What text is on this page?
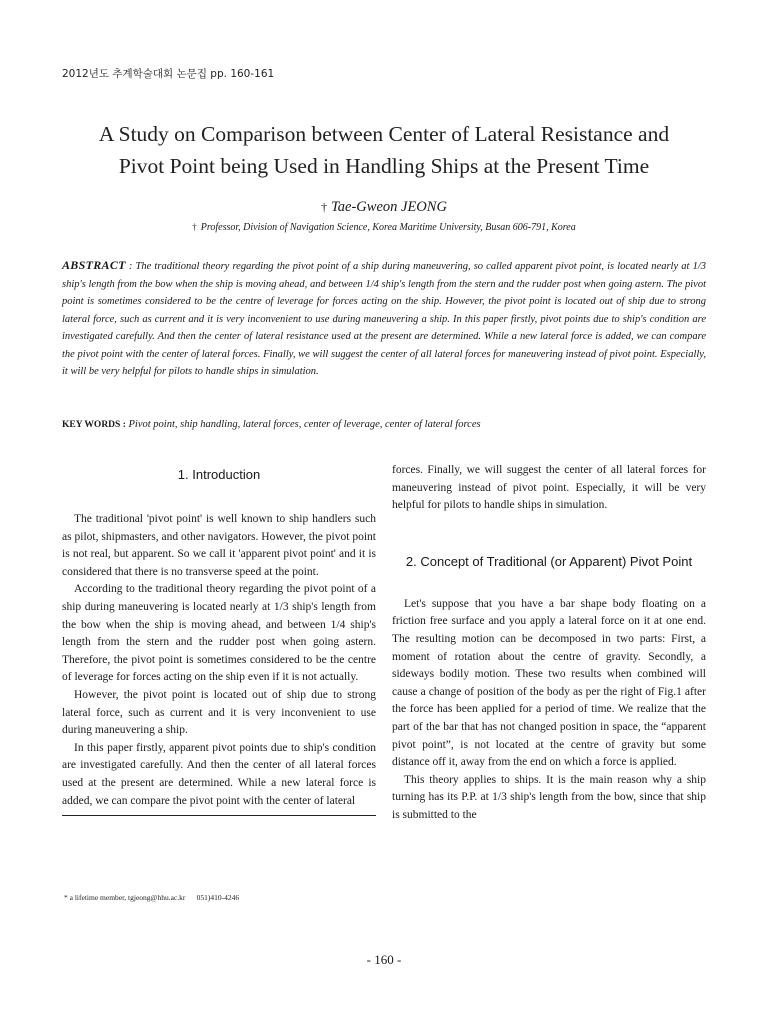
2012년도 추계학술대회 논문집 pp. 160-161
A Study on Comparison between Center of Lateral Resistance and
Pivot Point being Used in Handling Ships at the Present Time
† Tae-Gweon JEONG
† Professor, Division of Navigation Science, Korea Maritime University, Busan 606-791, Korea
ABSTRACT : The traditional theory regarding the pivot point of a ship during maneuvering, so called apparent pivot point, is located nearly at 1/3 ship's length from the bow when the ship is moving ahead, and between 1/4 ship's length from the stern and the rudder post when going astern. The pivot point is sometimes considered to be the centre of leverage for forces acting on the ship. However, the pivot point is located out of ship due to strong lateral force, such as current and it is very inconvenient to use during maneuvering a ship. In this paper firstly, pivot points due to ship's condition are investigated carefully. And then the center of lateral resistance used at the present are determined. While a new lateral force is added, we can compare the pivot point with the center of lateral forces. Finally, we will suggest the center of all lateral forces for maneuvering instead of pivot point. Especially, it will be very helpful for pilots to handle ships in simulation.
KEY WORDS : Pivot point, ship handling, lateral forces, center of leverage, center of lateral forces
1. Introduction

The traditional 'pivot point' is well known to ship handlers such as pilot, shipmasters, and other navigators. However, the pivot point is not real, but apparent. So we call it 'apparent pivot point' and it is considered that there is no transverse speed at the point.

According to the traditional theory regarding the pivot point of a ship during maneuvering is located nearly at 1/3 ship's length from the bow when the ship is moving ahead, and between 1/4 ship's length from the stern and the rudder post when going astern. Therefore, the pivot point is sometimes considered to be the centre of leverage for forces acting on the ship even if it is not actually.

However, the pivot point is located out of ship due to strong lateral force, such as current and it is very inconvenient to use during maneuvering a ship.

In this paper firstly, apparent pivot points due to ship's condition are investigated carefully. And then the center of all lateral forces used at the present are determined. While a new lateral force is added, we can compare the pivot point with the center of lateral

forces. Finally, we will suggest the center of all lateral forces for maneuvering instead of pivot point. Especially, it will be very helpful for pilots to handle ships in simulation.

2. Concept of Traditional (or Apparent) Pivot Point

Let's suppose that you have a bar shape body floating on a friction free surface and you apply a lateral force on it at one end. The resulting motion can be decomposed in two parts: First, a moment of rotation about the centre of gravity. Secondly, a sideways bodily motion. These two results when combined will cause a change of position of the body as per the right of Fig.1 after the force has been applied for a period of time. We realize that the part of the bar that has not changed position in space, the “apparent pivot point”, is not located at the centre of gravity but some distance off it, away from the end on which a force is applied.

This theory applies to ships. It is the main reason why a ship turning has its P.P. at 1/3 ship's length from the bow, since that ship is submitted to the

* a lifetime member, tgjeong@hhu.ac.kr      051)410-4246
- 160 -
